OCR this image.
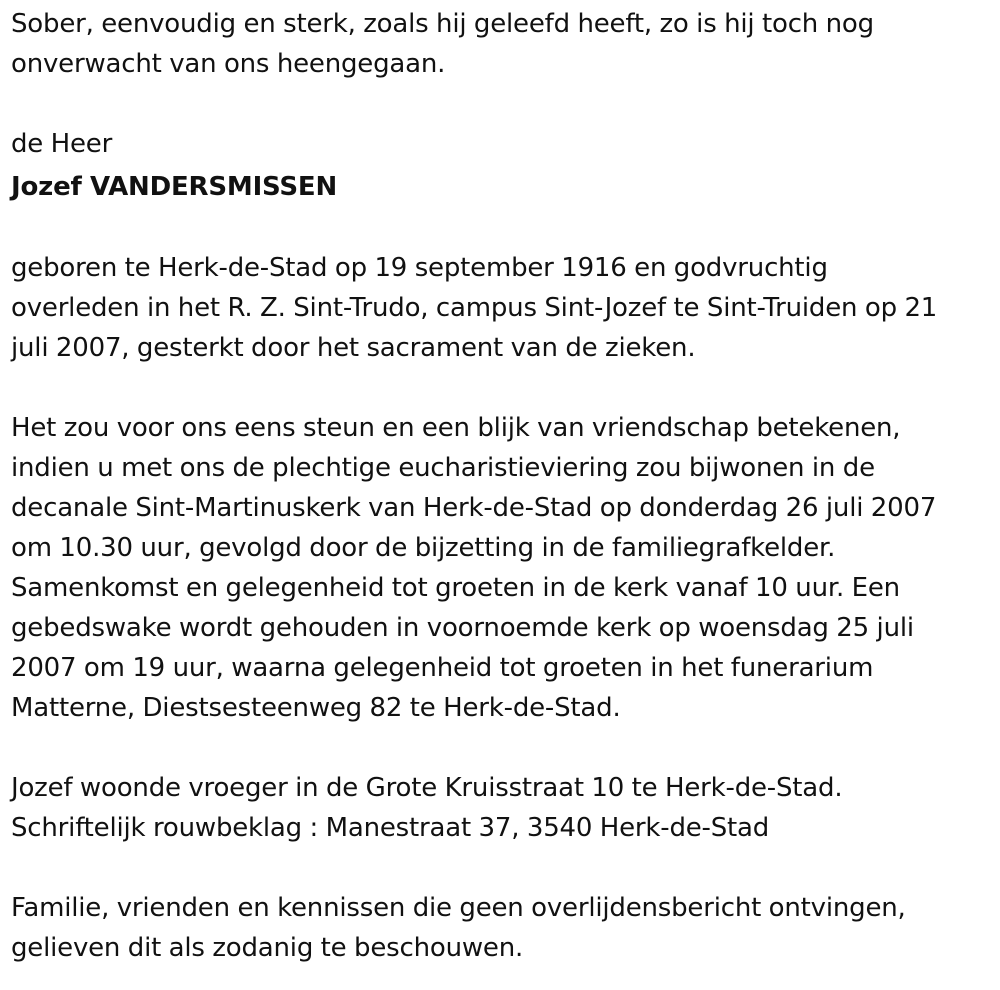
Sober, eenvoudig en sterk, zoals hij geleefd heeft, zo is hij toch nog
onverwacht van ons heengegaan.

de Heer

Jozef VANDERSMISSEN

geboren te Herk-de-Stad op 19 september 1916 en godvruchtig
overleden in het R. Z. Sint-Trudo, campus Sint-Jozef te Sint-Truiden op 21
juli 2007, gesterkt door het sacrament van de zieken.

Het zou voor ons eens steun en een blijk van vriendschap betekenen,
indien u met ons de plechtige eucharistieviering zou bijwonen in de
decanale Sint-Martinuskerk van Herk-de-Stad op donderdag 26 juli 2007
om 10.30 uur, gevolgd door de bijzetting in de familiegrafkelder.
Samenkomst en gelegenheid tot groeten in de kerk vanaf 10 uur. Een
gebedswake wordt gehouden in voornoemde kerk op woensdag 25 juli
2007 om 19 uur, waarna gelegenheid tot groeten in het funerarium
Matterne, Diestsesteenweg 82 te Herk-de-Stad.

Jozef woonde vroeger in de Grote Kruisstraat 10 te Herk-de-Stad.
Schriftelijk rouwbeklag : Manestraat 37, 3540 Herk-de-Stad

Familie, vrienden en kennissen die geen overlijdensbericht ontvingen,
gelieven dit als zodanig te beschouwen.
